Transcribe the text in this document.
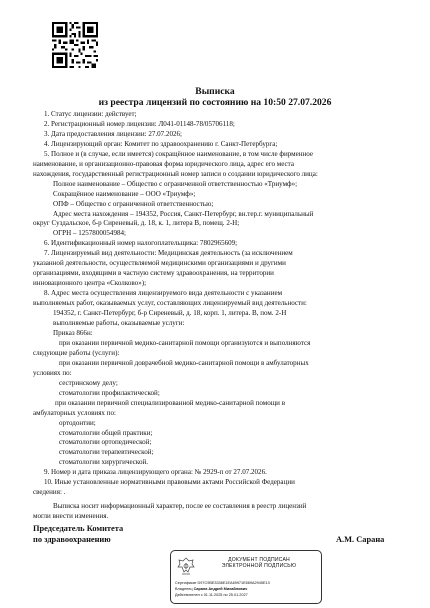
Выписка
из реестра лицензий по состоянию на 10:50 27.07.2026
1. Статус лицензии: действует;
2. Регистрационный номер лицензии: Л041-01148-78/05706118;
3. Дата предоставления лицензии: 27.07.2026;
4. Лицензирующий орган: Комитет по здравоохранению г. Санкт-Петербурга;
5. Полное и (в случае, если имеется) сокращённое наименование, в том числе фирменное
наименование, и организационно-правовая форма юридического лица, адрес его места
нахождения, государственный регистрационный номер записи о создании юридического лица:
Полное наименование – Общество с ограниченной ответственностью «Триумф»;
Сокращённое наименование – ООО «Триумф»;
ОПФ – Общество с ограниченной ответственностью;
Адрес места нахождения – 194352, Россия, Санкт-Петербург, вн.тер.г. муниципальный
округ Суздальское, б-р Сиреневый, д. 18, к. 1, литера В, помещ. 2-Н;
ОГРН – 1257800054984;
6. Идентификационный номер налогоплательщика: 7802965609;
7. Лицензируемый вид деятельности: Медицинская деятельность (за исключением
указанной деятельности, осуществляемой медицинскими организациями и другими
организациями, входящими в частную систему здравоохранения, на территории
инновационного центра «Сколково»);
8. Адрес места осуществления лицензируемого вида деятельности с указанием
выполняемых работ, оказываемых услуг, составляющих лицензируемый вид деятельности:
194352, г. Санкт-Петербург, б-р Сиреневый, д. 18, корп. 1, литера. В, пом. 2-Н
выполняемые работы, оказываемые услуги:
Приказ 866н:
при оказании первичной медико-санитарной помощи организуются и выполняются
следующие работы (услуги):
при оказании первичной доврачебной медико-санитарной помощи в амбулаторных
условиях по:
сестринскому делу;
стоматологии профилактической;
при оказании первичной специализированной медико-санитарной помощи в
амбулаторных условиях по:
ортодонтии;
стоматологии общей практики;
стоматологии ортопедической;
стоматологии терапевтической;
стоматологии хирургической.
9. Номер и дата приказа лицензирующего органа: № 2929-п от 27.07.2026.
10. Иные установленные нормативными правовыми актами Российской Федерации
сведения: .
Выписка носит информационный характер, после ее составления в реестр лицензий
могли внести изменения.
Председатель Комитета
по здравоохранению	А.М. Сарана
ДОКУМЕНТ ПОДПИСАН
ЭЛЕКТРОННОЙ ПОДПИСЬЮ
Сертификат D97C9BE3336E1EA69971E669A2945E13
Владелец Сарана Андрей Михайлович
Действителен с 01.11.2025 по 25.01.2027
